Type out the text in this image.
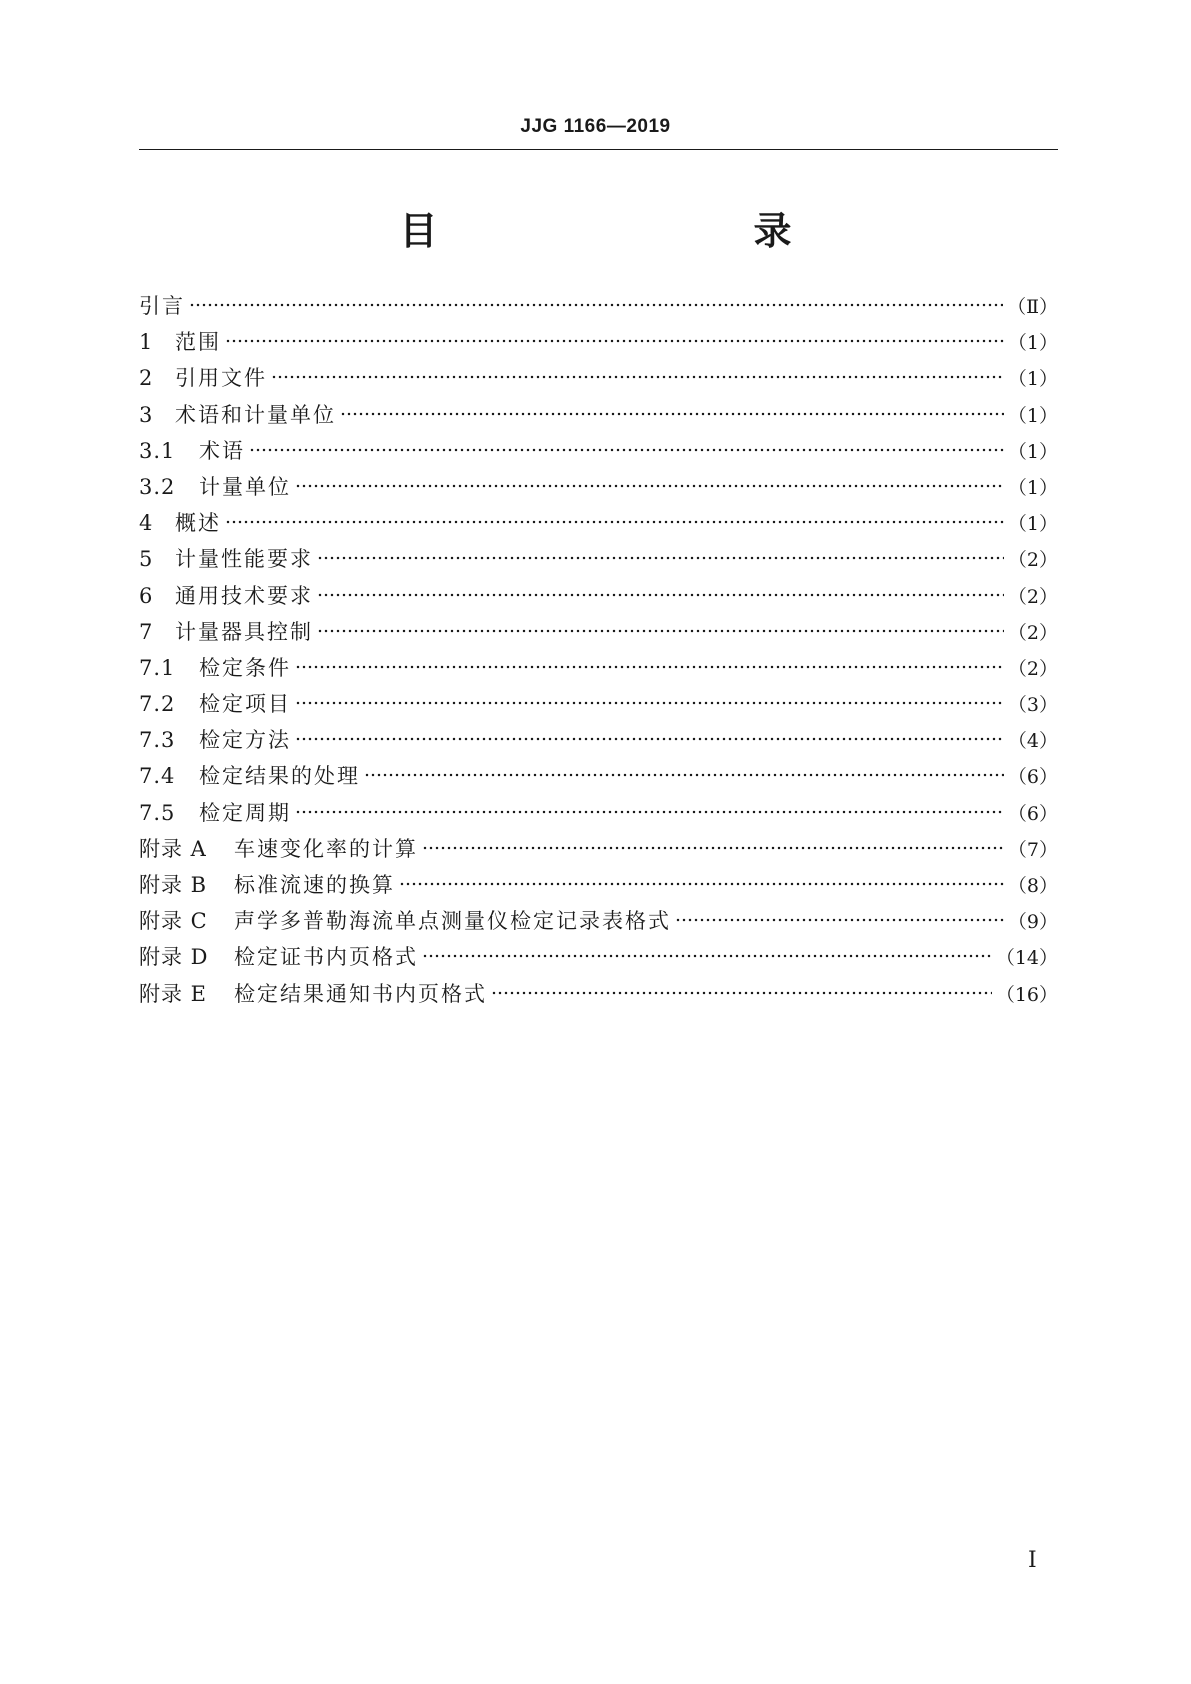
JJG 1166—2019
目　　录
引言	（Ⅱ）
1	范围	（1）
2	引用文件	（1）
3	术语和计量单位	（1）
3.1	术语	（1）
3.2	计量单位	（1）
4	概述	（1）
5	计量性能要求	（2）
6	通用技术要求	（2）
7	计量器具控制	（2）
7.1	检定条件	（2）
7.2	检定项目	（3）
7.3	检定方法	（4）
7.4	检定结果的处理	（6）
7.5	检定周期	（6）
附录 A	车速变化率的计算	（7）
附录 B	标准流速的换算	（8）
附录 C	声学多普勒海流单点测量仪检定记录表格式	（9）
附录 D	检定证书内页格式	（14）
附录 E	检定结果通知书内页格式	（16）
Ⅰ
